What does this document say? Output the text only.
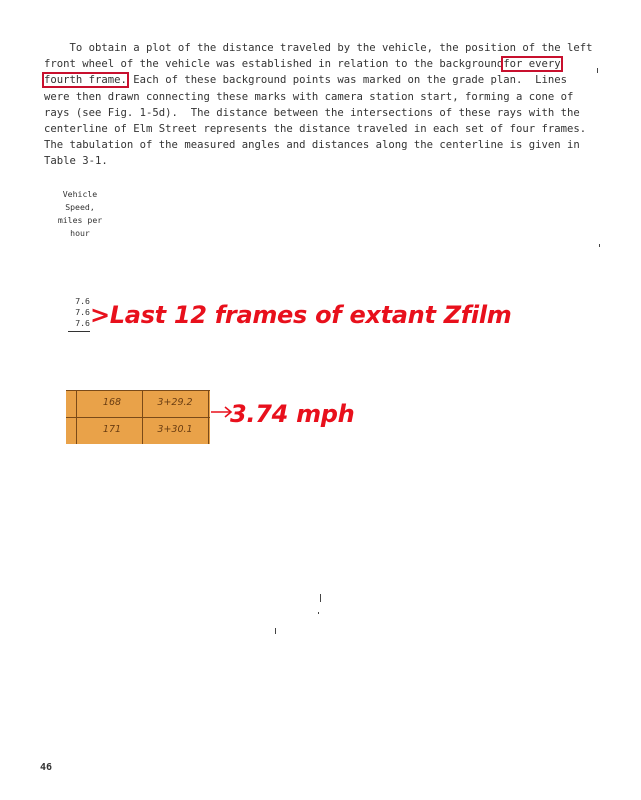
To obtain a plot of the distance traveled by the vehicle, the position of the left
front wheel of the vehicle was established in relation to the backgroundfor every
fourth frame. Each of these background points was marked on the grade plan.  Lines
were then drawn connecting these marks with camera station start, forming a cone of
rays (see Fig. 1-5d).  The distance between the intersections of these rays with the
centerline of Elm Street represents the distance traveled in each set of four frames.
The tabulation of the measured angles and distances along the centerline is given in
Table 3-1.
Vehicle
Speed,
miles per
hour
7.6
7.6
7.6 >Last 12 frames of extant Zfilm
168	3+29.2
171	3+30.1
3.74 mph
46
